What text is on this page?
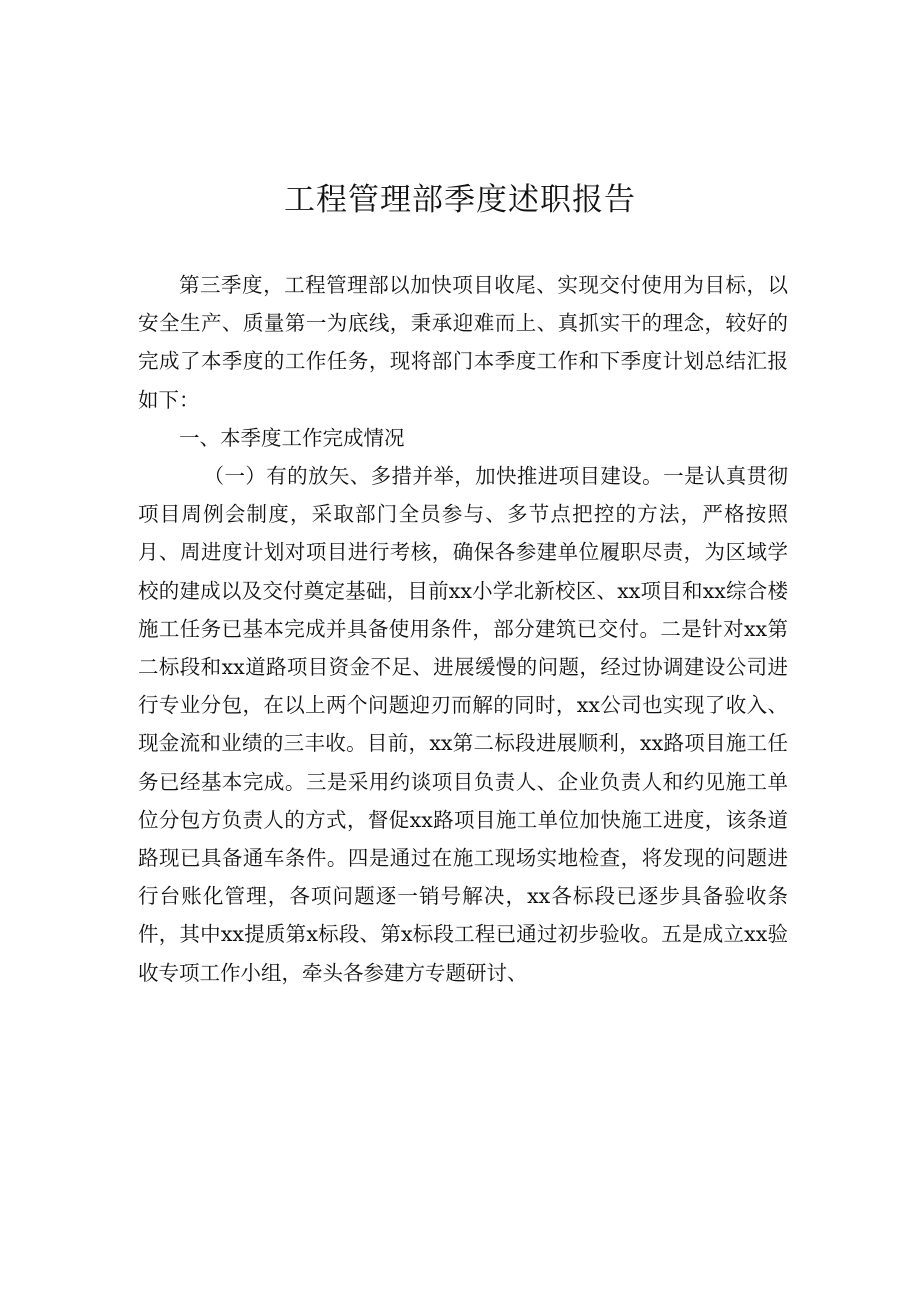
工程管理部季度述职报告

第三季度，工程管理部以加快项目收尾、实现交付使用为目标，以安全生产、质量第一为底线，秉承迎难而上、真抓实干的理念，较好的完成了本季度的工作任务，现将部门本季度工作和下季度计划总结汇报如下：

一、本季度工作完成情况

（一）有的放矢、多措并举，加快推进项目建设。一是认真贯彻项目周例会制度，采取部门全员参与、多节点把控的方法，严格按照月、周进度计划对项目进行考核，确保各参建单位履职尽责，为区域学校的建成以及交付奠定基础，目前xx小学北新校区、xx项目和xx综合楼施工任务已基本完成并具备使用条件，部分建筑已交付。二是针对xx第二标段和xx道路项目资金不足、进展缓慢的问题，经过协调建设公司进行专业分包，在以上两个问题迎刃而解的同时，xx公司也实现了收入、现金流和业绩的三丰收。目前，xx第二标段进展顺利，xx路项目施工任务已经基本完成。三是采用约谈项目负责人、企业负责人和约见施工单位分包方负责人的方式，督促xx路项目施工单位加快施工进度，该条道路现已具备通车条件。四是通过在施工现场实地检查，将发现的问题进行台账化管理，各项问题逐一销号解决，xx各标段已逐步具备验收条件，其中xx提质第x标段、第x标段工程已通过初步验收。五是成立xx验收专项工作小组，牵头各参建方专题研讨、
